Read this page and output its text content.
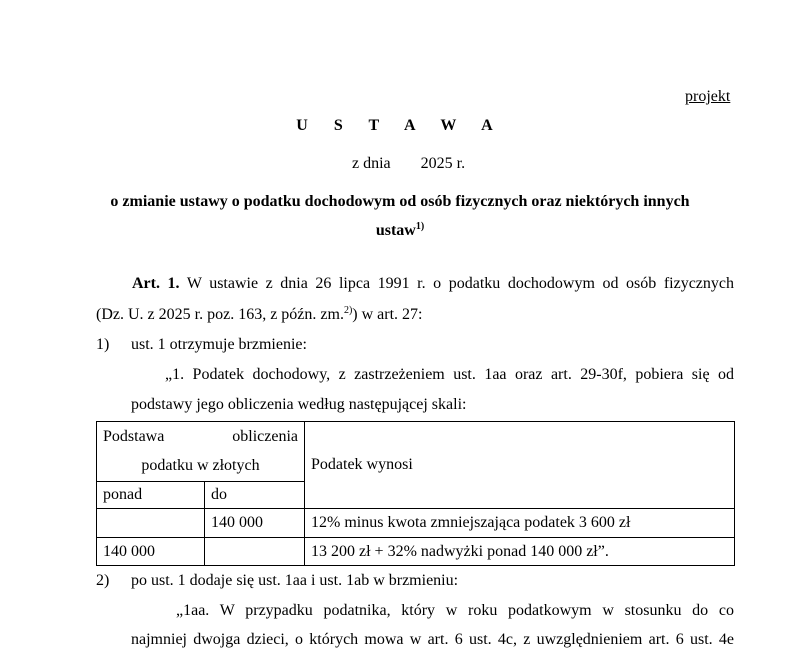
projekt
U S T A W A
z dnia 2025 r.
o zmianie ustawy o podatku dochodowym od osób fizycznych oraz niektórych innych
ustaw$^{1)}$
Art. 1. W ustawie z dnia 26 lipca 1991 r. o podatku dochodowym od osób fizycznych
(Dz. U. z 2025 r. poz. 163, z późn. zm.$^{2)}$) w art. 27:
1) ust. 1 otrzymuje brzmienie:
„1. Podatek dochodowy, z zastrzeżeniem ust. 1aa oraz art. 29-30f, pobiera się od
podstawy jego obliczenia według następującej skali:
Podstawa obliczenia
podatku w złotych		Podatek wynosi
ponad	do	
	140 000	12% minus kwota zmniejszająca podatek 3 600 zł
140 000		13 200 zł + 32% nadwyżki ponad 140 000 zł”.
2) po ust. 1 dodaje się ust. 1aa i ust. 1ab w brzmieniu:
„1aa. W przypadku podatnika, który w roku podatkowym w stosunku do co
najmniej dwojga dzieci, o których mowa w art. 6 ust. 4c, z uwzględnieniem art. 6 ust. 4e
